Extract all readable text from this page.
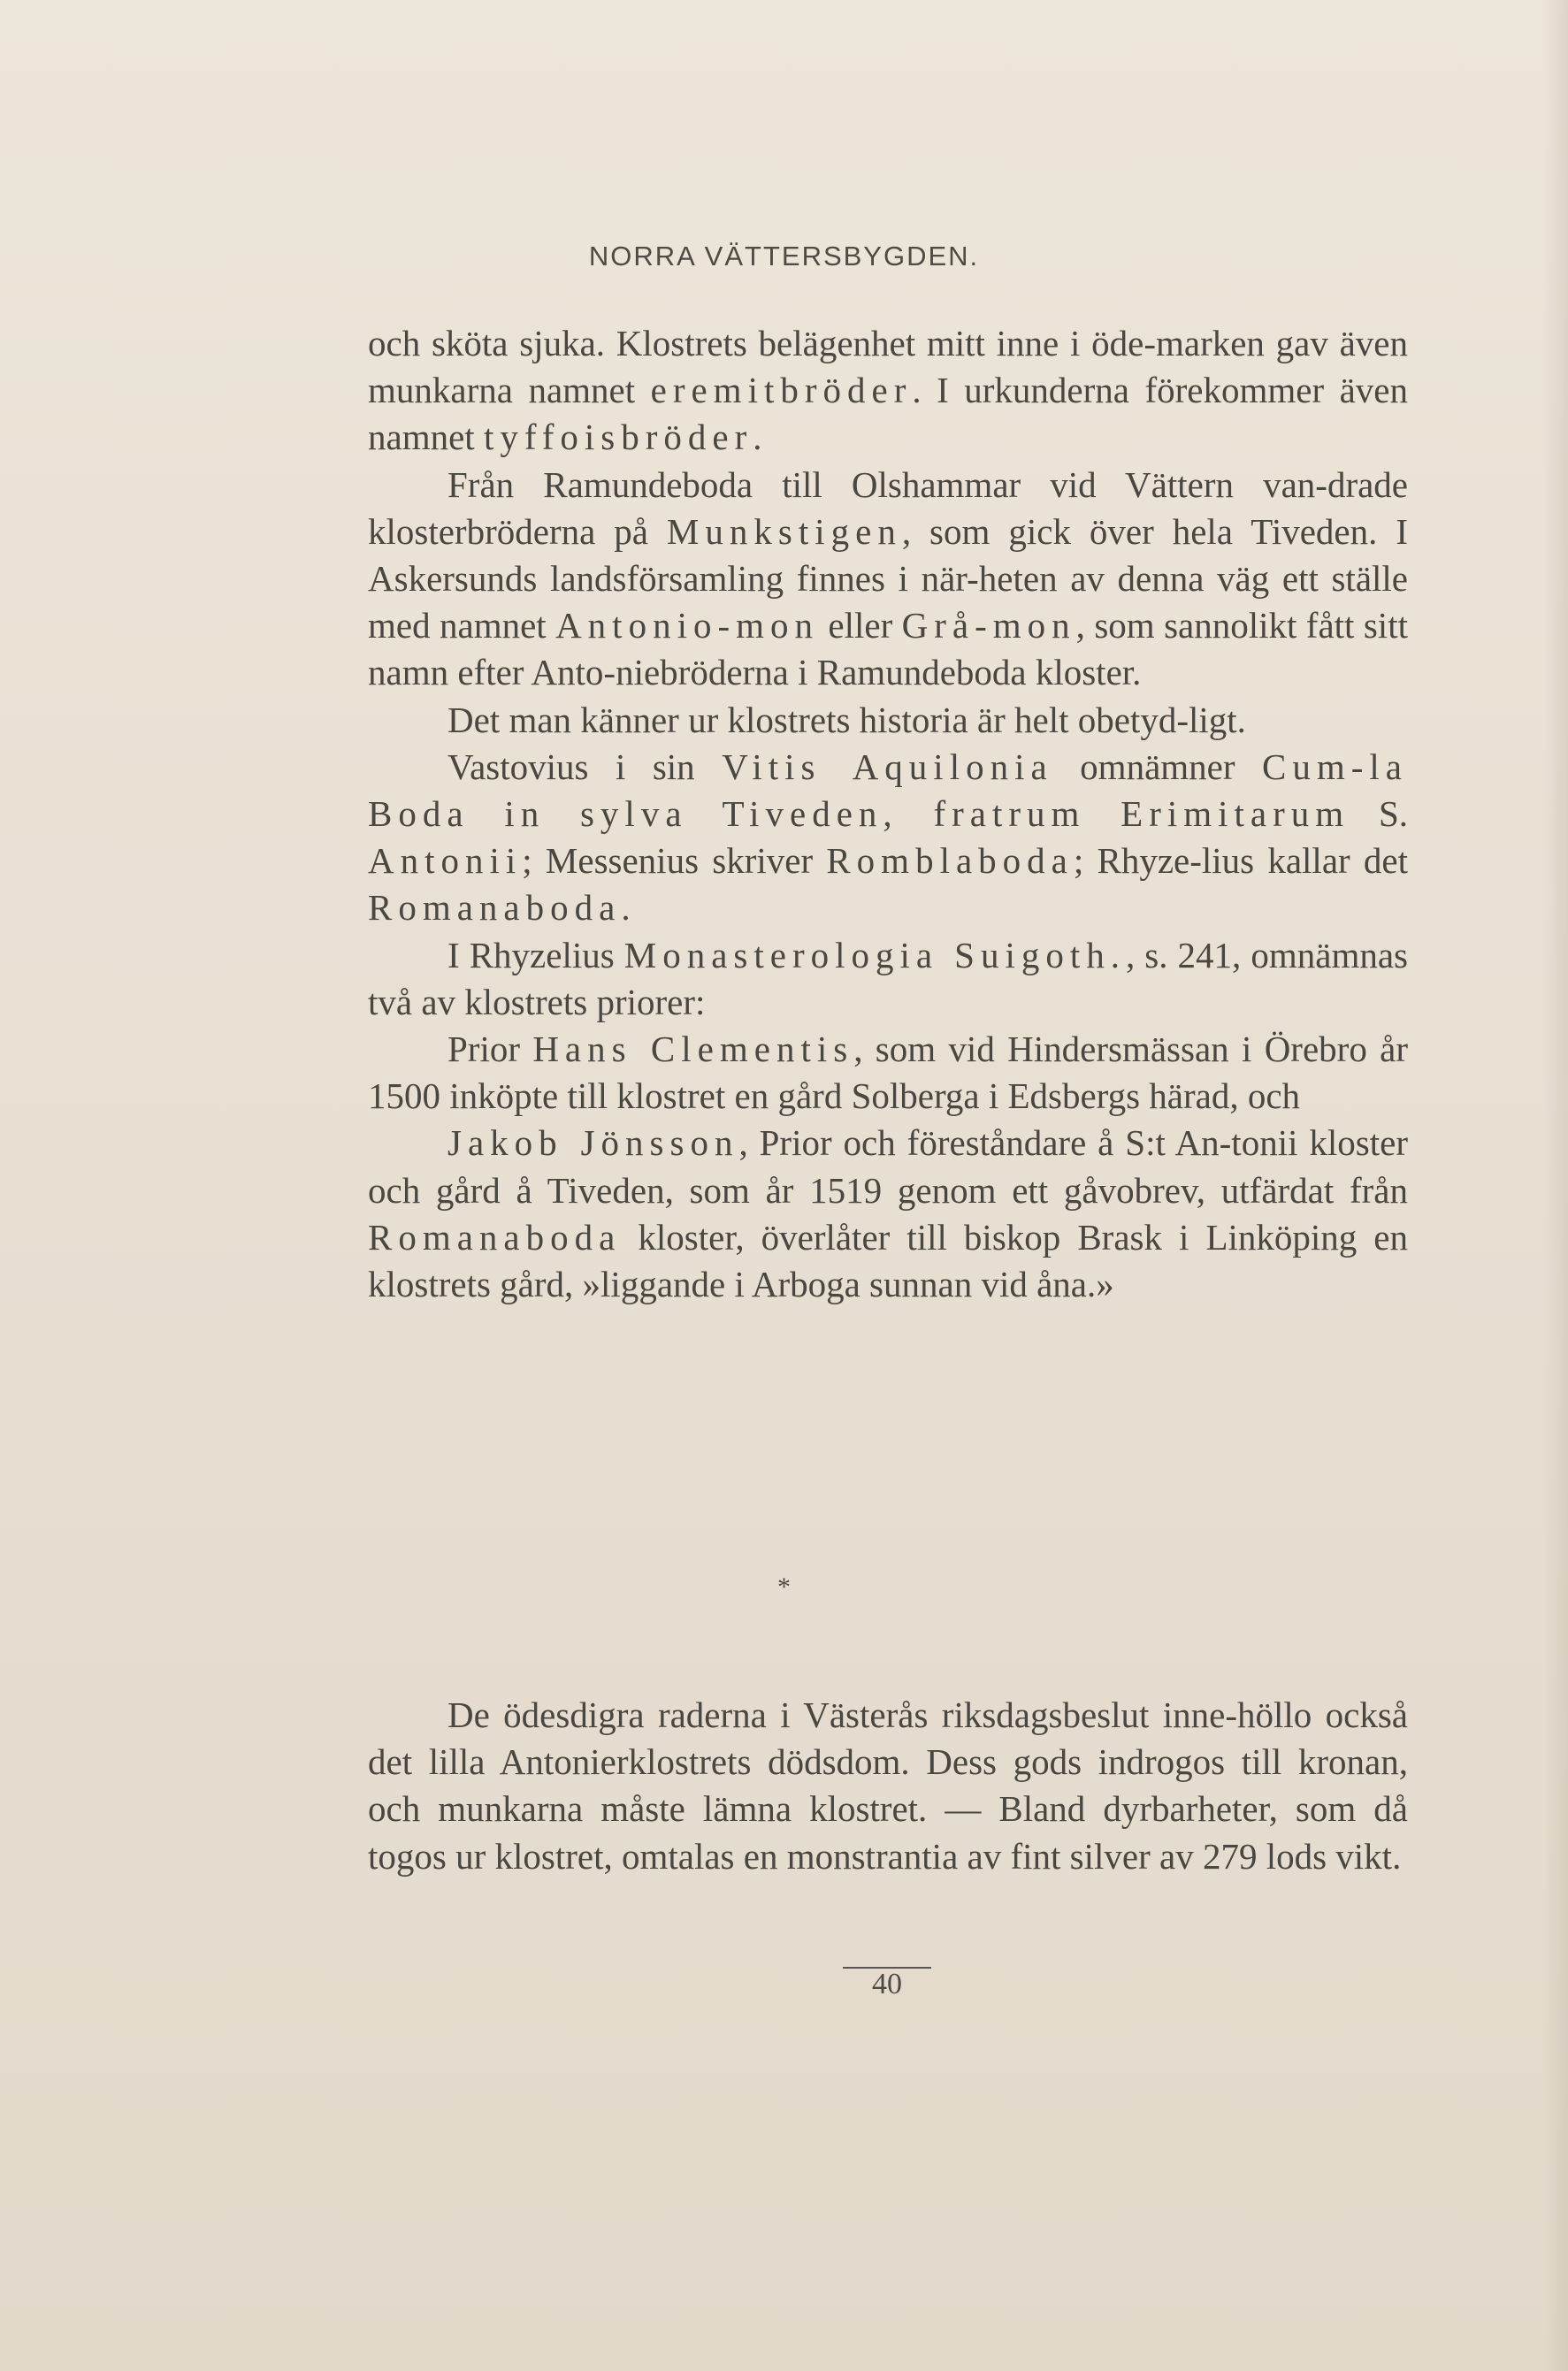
NORRA VÄTTERSBYGDEN.

och sköta sjuka. Klostrets belägenhet mitt inne i öde-marken gav även munkarna namnet eremitbröder. I urkunderna förekommer även namnet tyffoisbröder.

Från Ramundeboda till Olshammar vid Vättern van-drade klosterbröderna på Munkstigen, som gick över hela Tiveden. I Askersunds landsförsamling finnes i när-heten av denna väg ett ställe med namnet Antonio-mon eller Grå-mon, som sannolikt fått sitt namn efter Anto-niebröderna i Ramundeboda kloster.

Det man känner ur klostrets historia är helt obetyd-ligt.

Vastovius i sin Vitis Aquilonia omnämner Cum-la Boda in sylva Tiveden, fratrum Erimitarum S. Antonii; Messenius skriver Romblaboda; Rhyze-lius kallar det Romanaboda.

I Rhyzelius Monasterologia Suigoth., s. 241, omnämnas två av klostrets priorer:

Prior Hans Clementis, som vid Hindersmässan i Örebro år 1500 inköpte till klostret en gård Solberga i Edsbergs härad, och

Jakob Jönsson, Prior och föreståndare å S:t An-tonii kloster och gård å Tiveden, som år 1519 genom ett gåvobrev, utfärdat från Romanaboda kloster, överlåter till biskop Brask i Linköping en klostrets gård, »liggande i Arboga sunnan vid åna.»

*

De ödesdigra raderna i Västerås riksdagsbeslut inne-höllo också det lilla Antonierklostrets dödsdom. Dess gods indrogos till kronan, och munkarna måste lämna klostret. — Bland dyrbarheter, som då togos ur klostret, omtalas en monstrantia av fint silver av 279 lods vikt.

40
